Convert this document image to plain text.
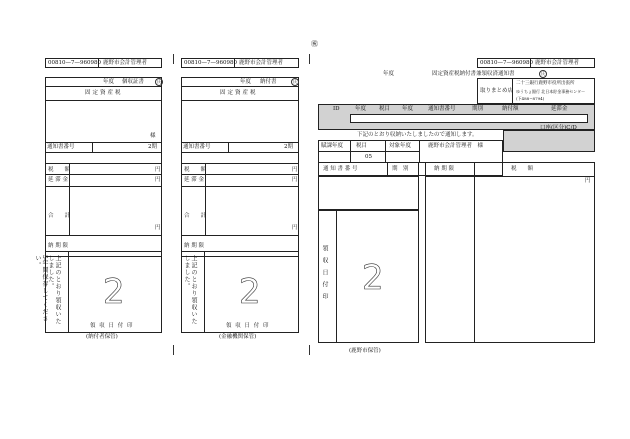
㊗
00810—7—960980 鹿野市会計管理者
年度 個収証書	氏
固定資産税
様
通知書番号	2期
税　　額	円
延 滞 金	円
合　　計
円
納 期 限
上記のとおり領収いたしました。 2
領 収 日 付 印
(納付者保管)
5年間保存してください。
00810—7—960980 鹿野市会計管理者
年度 納付書	氏
固定資産税
通知書番号	2期
税　　額	円
延 滞 金	円
合　　計
円
納 期 限
上記のとおり領収いたしました。 2
領 収 日 付 印
(金融機関保管)
00810—7—960980 鹿野市会計管理者
年度	固定資産税納付書兼領収済通知書	氏
取りまとめ店
二十三銀行鹿野市役所出張所
ゆうちょ銀行 北日本貯金事務センター
(下488−8794)
ID	年度 税目 年度	通知書番号	期別	納付額	延滞金
下記のとおり収納いたしましたので通知します。
口座(区分)C/D
賦課年度 税目	対象年度	鹿野市会計管理者　様
05
通 知 書 番 号	期　別	納 期 限	税　　額
円
領収日付印 2
(鹿野市保管)
